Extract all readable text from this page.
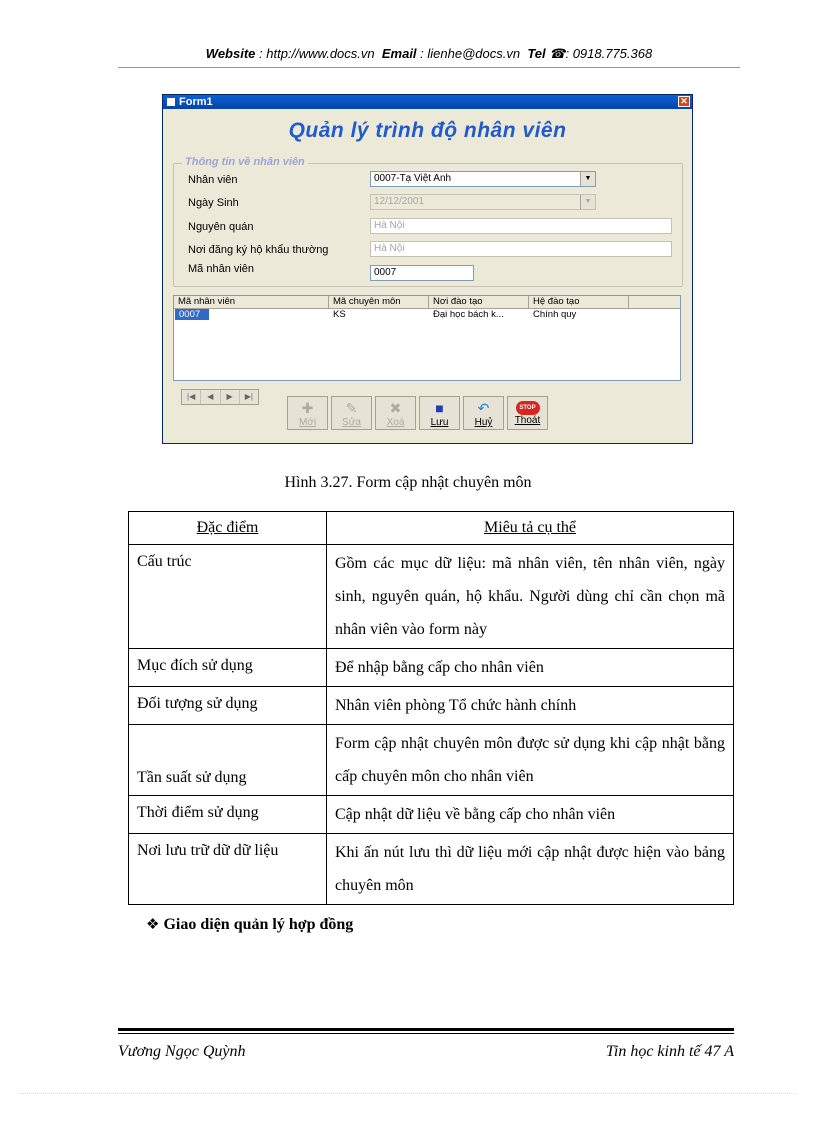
Website : http://www.docs.vn Email : lienhe@docs.vn Tel ☎: 0918.775.368
Form1	✕
Quản lý trình độ nhân viên
Thông tin về nhân viên
Nhân viên	0007-Tạ Việt Anh	▼
Ngày Sinh	12/12/2001	▼
Nguyên quán	Hà Nội
Nơi đăng ký hộ khẩu thường	Hà Nội
Mã nhân viên	0007
Mã nhân viên	Mã chuyên môn	Nơi đào tạo	Hệ đào tạo
0007	KS	Đại học bách k...	Chính quy
|◀	◀	▶	▶|
✚
Mới
✎
Sửa
✖
Xoá
■
Lưu
↶
Huỷ
STOP
Thoát
Hình 3.27. Form cập nhật chuyên môn
Đặc điểm	Miêu tả cụ thể
Cấu trúc	Gồm các mục dữ liệu: mã nhân viên, tên nhân viên, ngày sinh, nguyên quán, hộ khẩu. Người dùng chỉ cần chọn mã nhân viên vào form này
Mục đích sử dụng	Để nhập bằng cấp cho nhân viên
Đối tượng sử dụng	Nhân viên phòng Tổ chức hành chính
Tần suất sử dụng	Form cập nhật chuyên môn được sử dụng khi cập nhật bằng cấp chuyên môn cho nhân viên
Thời điểm sử dụng	Cập nhật dữ liệu về bằng cấp cho nhân viên
Nơi lưu trữ dữ dữ liệu	Khi ấn nút lưu thì dữ liệu mới cập nhật được hiện vào bảng chuyên môn
❖ Giao diện quản lý hợp đồng
Vương Ngọc Quỳnh	Tin học kinh tế 47 A
